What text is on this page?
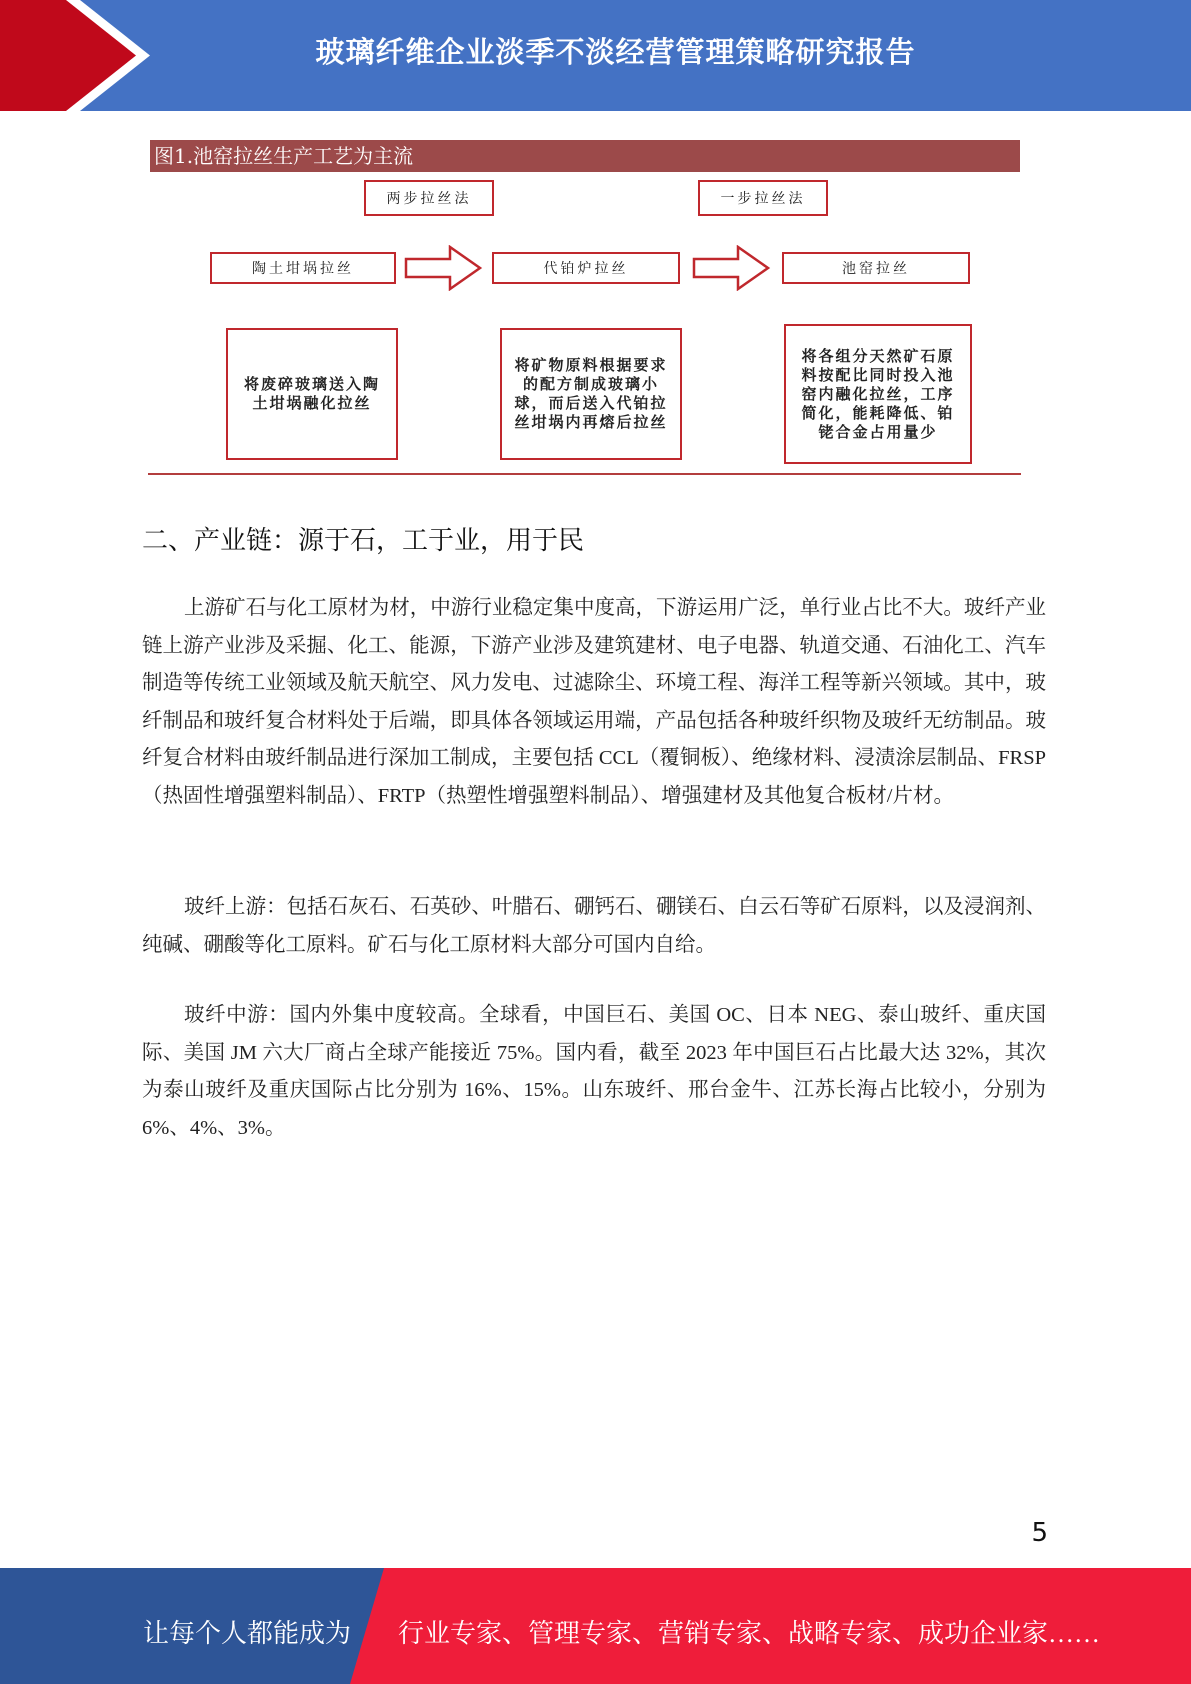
玻璃纤维企业淡季不淡经营管理策略研究报告
图1.池窑拉丝生产工艺为主流
两步拉丝法	一步拉丝法
陶土坩埚拉丝	代铂炉拉丝	池窑拉丝
将废碎玻璃送入陶土坩埚融化拉丝
将矿物原料根据要求的配方制成玻璃小球，而后送入代铂拉丝坩埚内再熔后拉丝
将各组分天然矿石原料按配比同时投入池窑内融化拉丝，工序简化，能耗降低、铂铑合金占用量少
二、产业链：源于石，工于业，用于民

上游矿石与化工原材为材，中游行业稳定集中度高，下游运用广泛，单行业占比不大。玻纤产业链上游产业涉及采掘、化工、能源，下游产业涉及建筑建材、电子电器、轨道交通、石油化工、汽车制造等传统工业领域及航天航空、风力发电、过滤除尘、环境工程、海洋工程等新兴领域。其中，玻纤制品和玻纤复合材料处于后端，即具体各领域运用端，产品包括各种玻纤织物及玻纤无纺制品。玻纤复合材料由玻纤制品进行深加工制成，主要包括 CCL（覆铜板）、绝缘材料、浸渍涂层制品、FRSP（热固性增强塑料制品）、FRTP（热塑性增强塑料制品）、增强建材及其他复合板材/片材。

玻纤上游：包括石灰石、石英砂、叶腊石、硼钙石、硼镁石、白云石等矿石原料，以及浸润剂、纯碱、硼酸等化工原料。矿石与化工原材料大部分可国内自给。

玻纤中游：国内外集中度较高。全球看，中国巨石、美国 OC、日本 NEG、泰山玻纤、重庆国际、美国 JM 六大厂商占全球产能接近 75%。国内看，截至 2023 年中国巨石占比最大达 32%，其次为泰山玻纤及重庆国际占比分别为 16%、15%。山东玻纤、邢台金牛、江苏长海占比较小，分别为 6%、4%、3%。

5
让每个人都能成为 行业专家、管理专家、营销专家、战略专家、成功企业家……
